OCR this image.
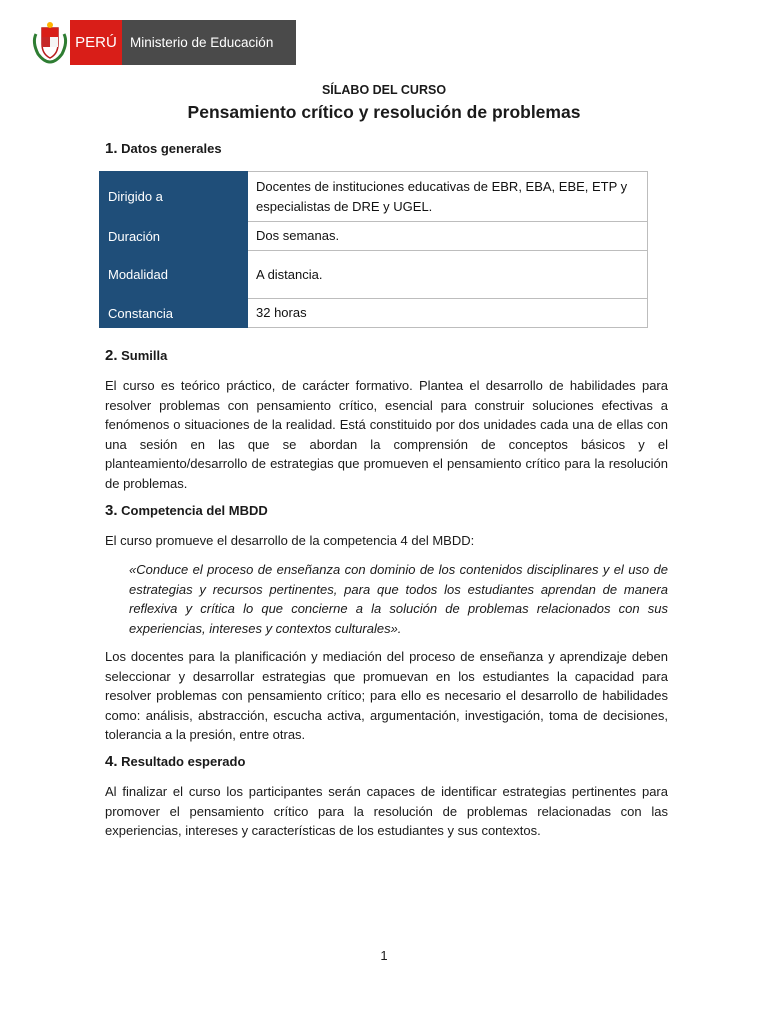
PERÚ Ministerio de Educación
SÍLABO DEL CURSO
Pensamiento crítico y resolución de problemas
1. Datos generales
Dirigido a	Docentes de instituciones educativas de EBR, EBA, EBE, ETP y especialistas de DRE y UGEL.
Duración	Dos semanas.
Modalidad	A distancia.
Constancia	32 horas
2. Sumilla

El curso es teórico práctico, de carácter formativo. Plantea el desarrollo de habilidades para resolver problemas con pensamiento crítico, esencial para construir soluciones efectivas a fenómenos o situaciones de la realidad. Está constituido por dos unidades cada una de ellas con una sesión en las que se abordan la comprensión de conceptos básicos y el planteamiento/desarrollo de estrategias que promueven el pensamiento crítico para la resolución de problemas.

3. Competencia del MBDD

El curso promueve el desarrollo de la competencia 4 del MBDD:

«Conduce el proceso de enseñanza con dominio de los contenidos disciplinares y el uso de estrategias y recursos pertinentes, para que todos los estudiantes aprendan de manera reflexiva y crítica lo que concierne a la solución de problemas relacionados con sus experiencias, intereses y contextos culturales».

Los docentes para la planificación y mediación del proceso de enseñanza y aprendizaje deben seleccionar y desarrollar estrategias que promuevan en los estudiantes la capacidad para resolver problemas con pensamiento crítico; para ello es necesario el desarrollo de habilidades como: análisis, abstracción, escucha activa, argumentación, investigación, toma de decisiones, tolerancia a la presión, entre otras.

4. Resultado esperado

Al finalizar el curso los participantes serán capaces de identificar estrategias pertinentes para promover el pensamiento crítico para la resolución de problemas relacionadas con las experiencias, intereses y características de los estudiantes y sus contextos.

1
